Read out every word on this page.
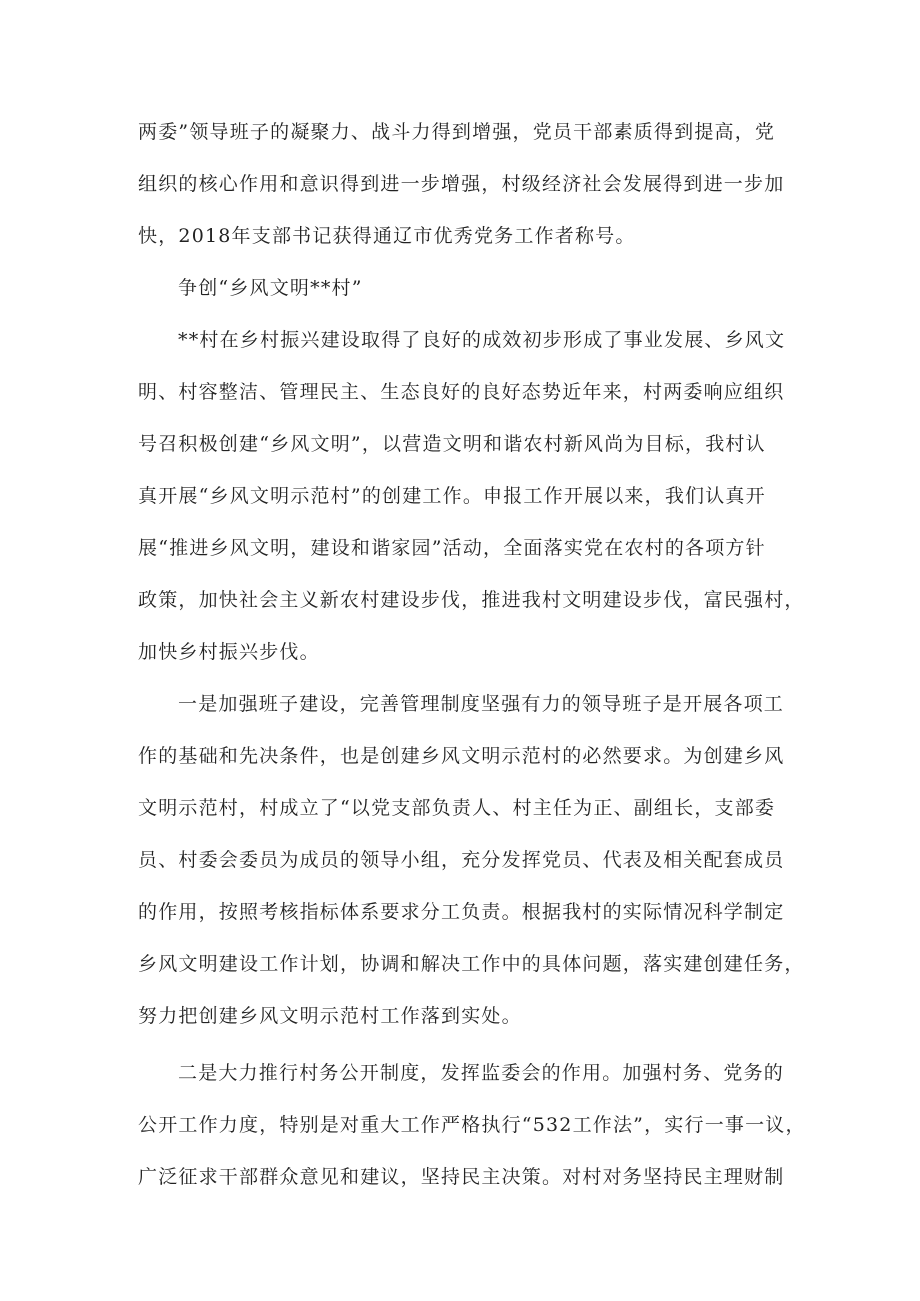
两委”领导班子的凝聚力、战斗力得到增强，党员干部素质得到提高，党
组织的核心作用和意识得到进一步增强，村级经济社会发展得到进一步加
快，2018年支部书记获得通辽市优秀党务工作者称号。
争创“乡风文明**村”
**村在乡村振兴建设取得了良好的成效初步形成了事业发展、乡风文
明、村容整洁、管理民主、生态良好的良好态势近年来，村两委响应组织
号召积极创建“乡风文明”，以营造文明和谐农村新风尚为目标，我村认
真开展“乡风文明示范村”的创建工作。申报工作开展以来，我们认真开
展“推进乡风文明，建设和谐家园”活动，全面落实党在农村的各项方针
政策，加快社会主义新农村建设步伐，推进我村文明建设步伐，富民强村，
加快乡村振兴步伐。
一是加强班子建设，完善管理制度坚强有力的领导班子是开展各项工
作的基础和先决条件，也是创建乡风文明示范村的必然要求。为创建乡风
文明示范村，村成立了“以党支部负责人、村主任为正、副组长，支部委
员、村委会委员为成员的领导小组，充分发挥党员、代表及相关配套成员
的作用，按照考核指标体系要求分工负责。根据我村的实际情况科学制定
乡风文明建设工作计划，协调和解决工作中的具体问题，落实建创建任务，
努力把创建乡风文明示范村工作落到实处。
二是大力推行村务公开制度，发挥监委会的作用。加强村务、党务的
公开工作力度，特别是对重大工作严格执行“532工作法”，实行一事一议，
广泛征求干部群众意见和建议，坚持民主决策。对村对务坚持民主理财制
